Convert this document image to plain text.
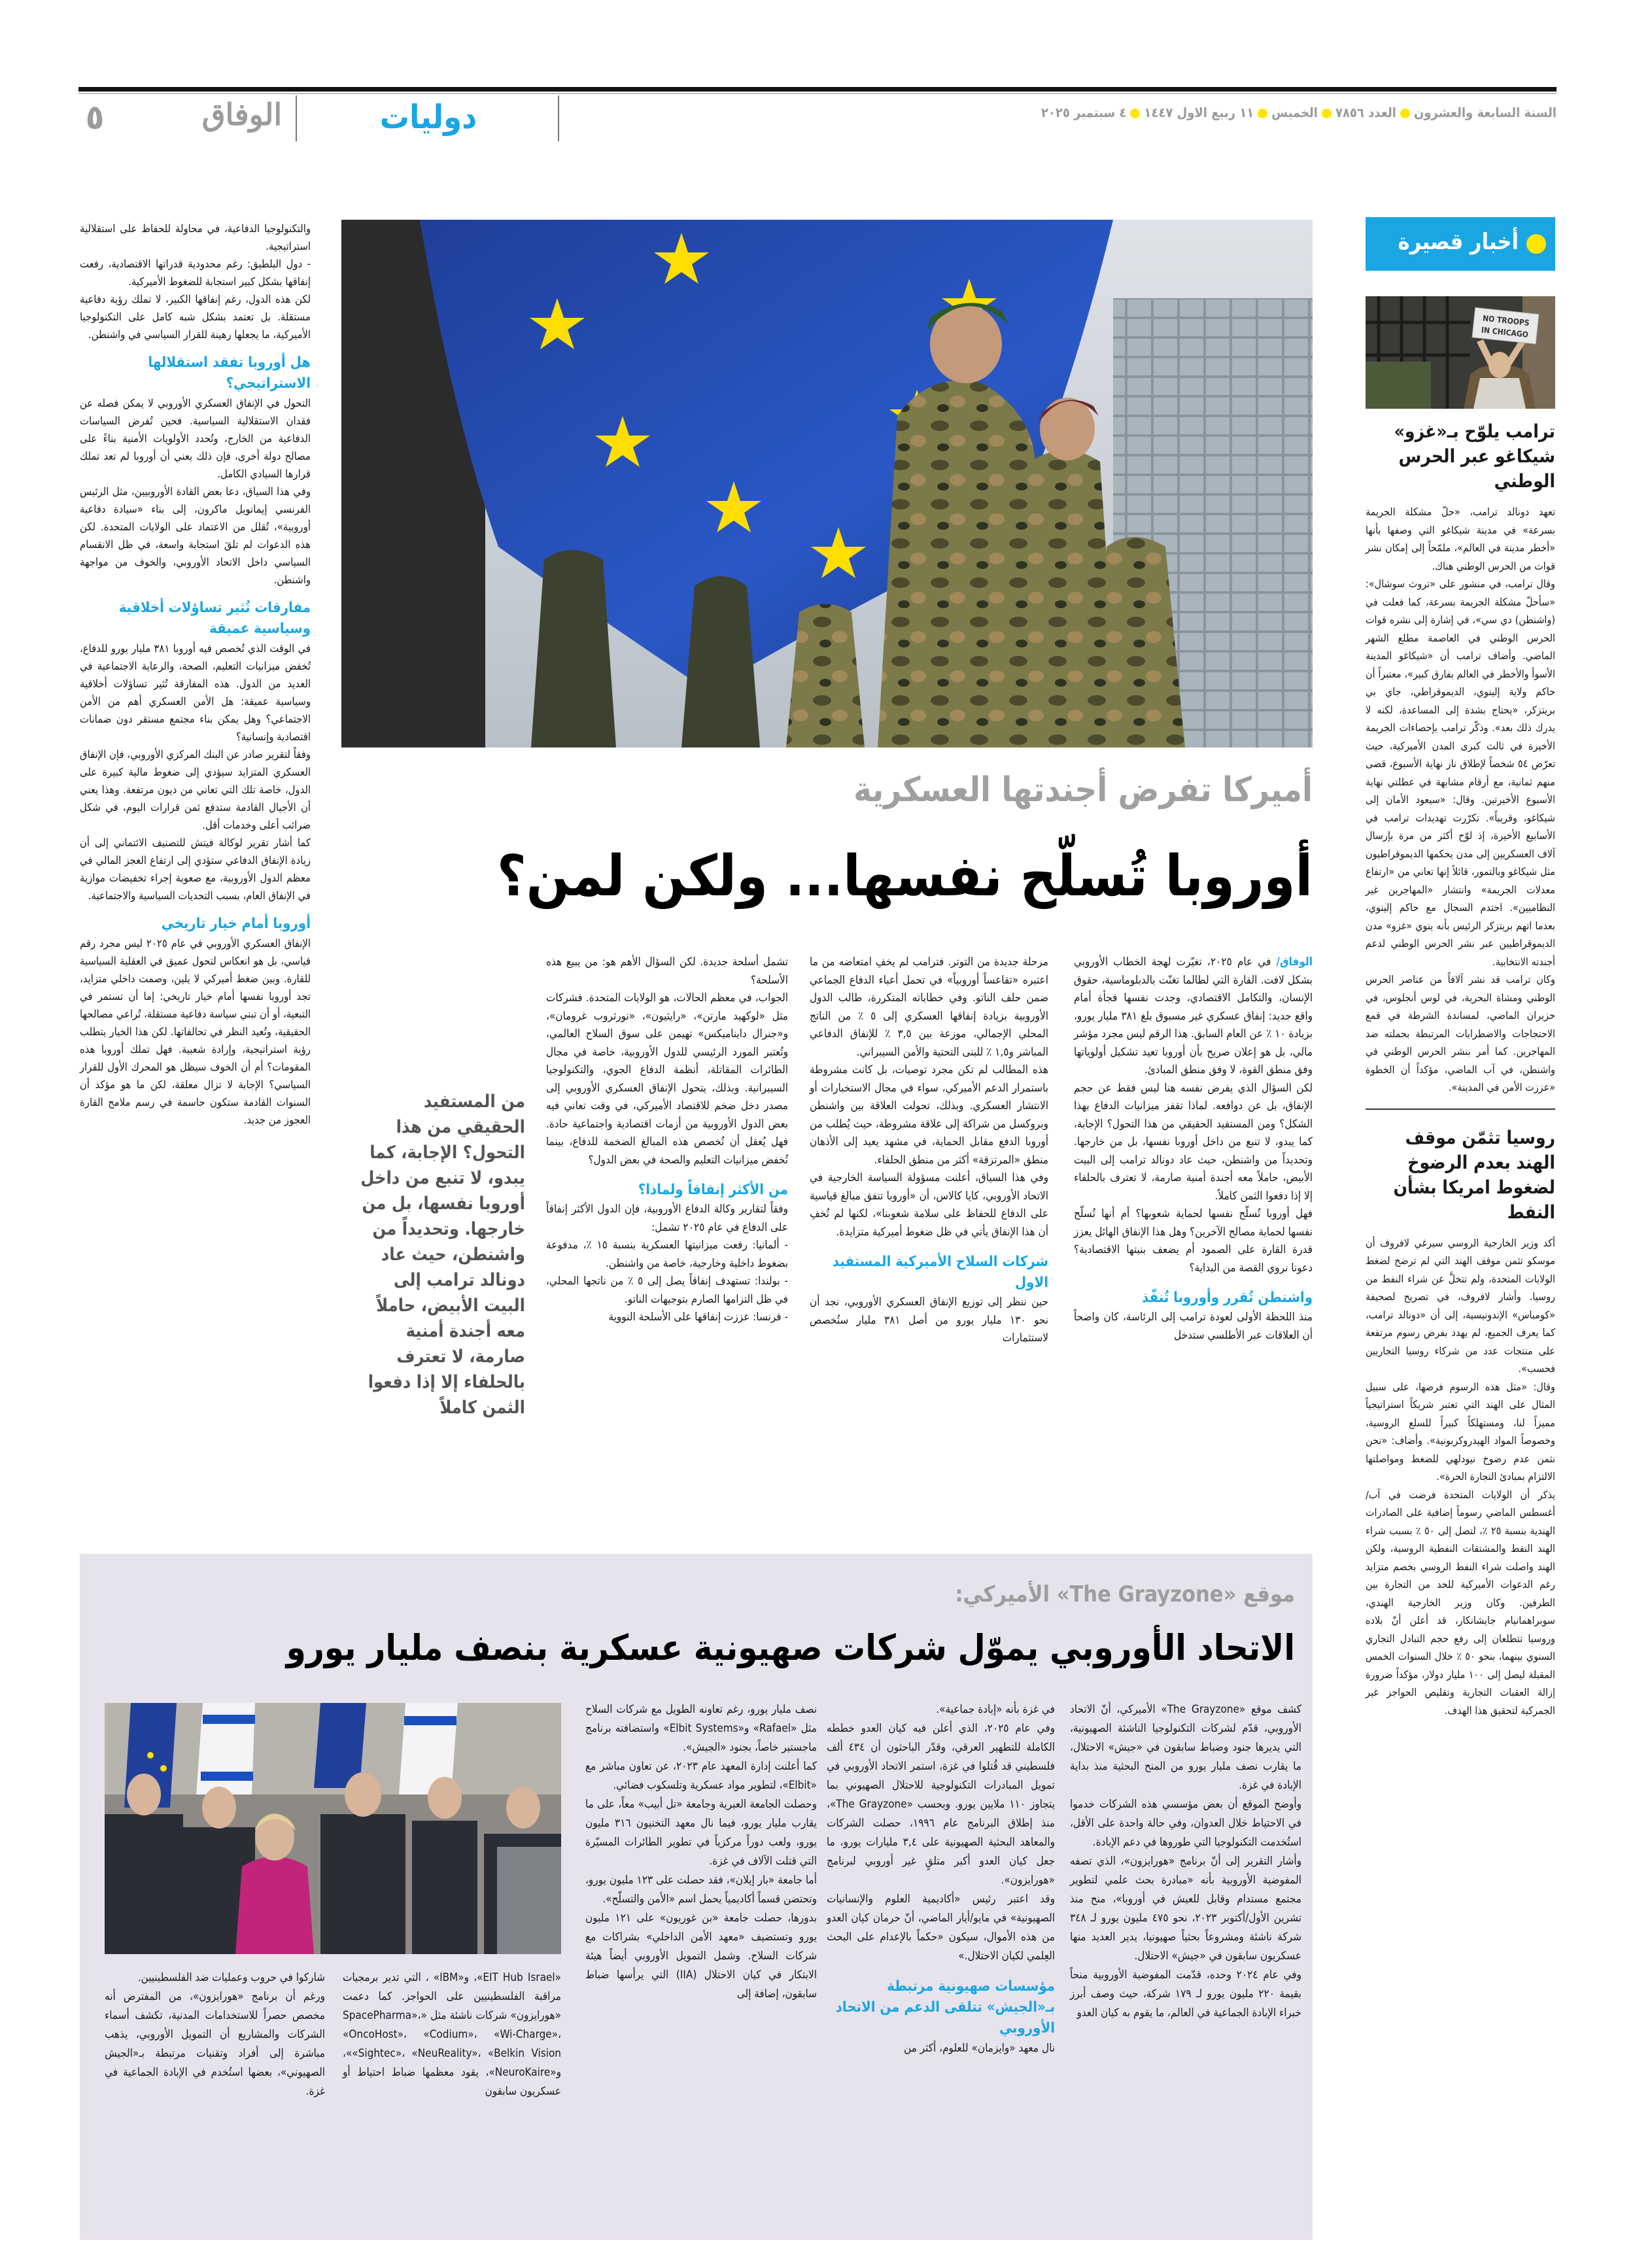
٥	الوفاق	دوليات	السنة السابعة والعشرونالعدد ٧٨٥٦الخميس١١ ربيع الاول ١٤٤٧٤ سبتمبر ٢٠٢٥
أخبار قصيرة
NO TROOPS
IN CHICAGO
ترامب يلوّح بـ«غزو» شيكاغو عبر الحرس الوطني

تعهد دونالد ترامب، «حلّ مشكلة الجريمة بسرعة» في مدينة شيكاغو التي وصفها بأنها «أخطر مدينة في العالم»، ملمّحاً إلى إمكان نشر قوات من الحرس الوطني هناك.

وقال ترامب، في منشور على «تروث سوشال»: «سأحلّ مشكلة الجريمة بسرعة، كما فعلت في (واشنطن) دي سي»، في إشارة إلى نشره قوات الحرس الوطني في العاصمة مطلع الشهر الماضي. وأضاف ترامب أن «شيكاغو المدينة الأسوأ والأخطر في العالم بفارق كبير»، معتبراً أن حاكم ولاية إلينوي، الديموقراطي، جاي بي بريتزكر، «يحتاج بشدة إلى المساعدة، لكنه لا يدرك ذلك بعد». وذكّر ترامب بإحصاءات الجريمة الأخيرة في ثالث كبرى المدن الأميركية، حيث تعرّض ٥٤ شخصاً لإطلاق نار نهاية الأسبوع، قضى منهم ثمانية، مع أرقام مشابهة في عطلتي نهاية الأسبوع الأخيرتين. وقال: «سيعود الأمان إلى شيكاغو، وقريباً». تكرّرت تهديدات ترامب في الأسابيع الأخيرة، إذ لوّح أكثر من مرة بإرسال آلاف العسكريين إلى مدن يحكمها الديموقراطيون مثل شيكاغو وبالتمور، قائلاً إنها تعاني من «ارتفاع معدلات الجريمة» وانتشار «المهاجرين غير النظاميين». احتدم السجال مع حاكم إلينوي، بعدما اتهم بريتزكر الرئيس بأنه ينوي «غزو» مدن الديموقراطيين عبر نشر الحرس الوطني لدعم أجندته الانتخابية.

وكان ترامب قد نشر آلافاً من عناصر الحرس الوطني ومشاة البحرية، في لوس أنجلوس، في حزيران الماضي، لمساندة الشرطة في قمع الاحتجاجات والاضطرابات المرتبطة بحملته ضد المهاجرين. كما أمر بنشر الحرس الوطني في واشنطن، في آب الماضي، مؤكداً أن الخطوة «عززت الأمن في المدينة».

روسيا تثمّن موقف الهند بعدم الرضوخ لضغوط امريكا بشأن النفط

أكد وزير الخارجية الروسي سيرغي لافروف أن موسكو تثمن موقف الهند التي لم ترضخ لضغط الولايات المتحدة، ولم تتخلَّ عن شراء النفط من روسيا. وأشار لافروف، في تصريح لصحيفة «كومباس» الإندونيسية، إلى أن «دونالد ترامب، كما يعرف الجميع، لم يهدد بفرض رسوم مرتفعة على منتجات عدد من شركاء روسيا التجاريين فحسب».

وقال: «مثل هذه الرسوم فرضها، على سبيل المثال على الهند التي تعتبر شريكاً استراتيجياً مميزاً لنا، ومستهلكاً كبيراً للسلع الروسية، وخصوصاً المواد الهيدروكربونية». وأضاف: «نحن نثمن عدم رضوخ نيودلهي للضغط ومواصلتها الالتزام بمبادئ التجارة الحرة».

يذكر أن الولايات المتحدة فرضت في آب/أغسطس الماضي رسوماً إضافية على الصادرات الهندية بنسبة ٢٥ ٪، لتصل إلى ٥٠ ٪ بسبب شراء الهند النفط والمشتقات النفطية الروسية، ولكن الهند واصلت شراء النفط الروسي بخصم متزايد رغم الدعوات الأميركية للحد من التجارة بين الطرفين. وكان وزير الخارجية الهندي، سوبراهمانيام جايشانكار، قد أعلن أنّ بلاده وروسيا تتطلعان إلى رفع حجم التبادل التجاري السنوي بينهما، بنحو ٥٠ ٪ خلال السنوات الخمس المقبلة ليصل إلى ١٠٠ مليار دولار، مؤكداً ضرورة إزالة العقبات التجارية وتقليص الحواجز غير الجمركية لتحقيق هذا الهدف.

أميركا تفرض أجندتها العسكرية
أوروبا تُسلّح نفسها... ولكن لمن؟

الوفاق/ في عام ٢٠٢٥، تغيّرت لهجة الخطاب الأوروبي بشكل لافت. القارة التي لطالما تغنّت بالدبلوماسية، حقوق الإنسان، والتكامل الاقتصادي، وجدت نفسها فجأة أمام واقع جديد: إنفاق عسكري غير مسبوق بلغ ٣٨١ مليار يورو، بزيادة ١٠ ٪ عن العام السابق. هذا الرقم ليس مجرد مؤشر مالي، بل هو إعلان صريح بأن أوروبا تعيد تشكيل أولوياتها وفق منطق القوة، لا وفق منطق المبادئ.

لكن السؤال الذي يفرض نفسه هنا ليس فقط عن حجم الإنفاق، بل عن دوافعه. لماذا تقفز ميزانيات الدفاع بهذا الشكل؟ ومن المستفيد الحقيقي من هذا التحول؟ الإجابة، كما يبدو، لا تنبع من داخل أوروبا نفسها، بل من خارجها. وتحديداً من واشنطن، حيث عاد دونالد ترامب إلى البيت الأبيض، حاملاً معه أجندة أمنية صارمة، لا تعترف بالحلفاء إلا إذا دفعوا الثمن كاملاً.

فهل أوروبا تُسلّح نفسها لحماية شعوبها؟ أم أنها تُسلّح نفسها لحماية مصالح الآخرين؟ وهل هذا الإنفاق الهائل يعزز قدرة القارة على الصمود أم يضعف بنيتها الاقتصادية؟ دعونا نروي القصة من البداية؟

واشنطن تُقرر وأوروبا تُنفّذ

منذ اللحظة الأولى لعودة ترامب إلى الرئاسة، كان واضحاً أن العلاقات عبر الأطلسي ستدخل

مرحلة جديدة من التوتر. فترامب لم يخفِ امتعاضه من ما اعتبره «تقاعساً أوروبياً» في تحمل أعباء الدفاع الجماعي ضمن حلف الناتو. وفي خطاباته المتكررة، طالب الدول الأوروبية بزيادة إنفاقها العسكري إلى ٥ ٪ من الناتج المحلي الإجمالي، موزعة بين ٣,٥ ٪ للإنفاق الدفاعي المباشر و١,٥ ٪ للبنى التحتية والأمن السيبراني.

هذه المطالب لم تكن مجرد توصيات، بل كانت مشروطة باستمرار الدعم الأميركي، سواء في مجال الاستخبارات أو الانتشار العسكري. وبذلك، تحولت العلاقة بين واشنطن وبروكسل من شراكة إلى علاقة مشروطة، حيث يُطلب من أوروبا الدفع مقابل الحماية، في مشهد يعيد إلى الأذهان منطق «المرتزقة» أكثر من منطق الحلفاء.

وفي هذا السياق، أعلنت مسؤولة السياسة الخارجية في الاتحاد الأوروبي، كايا كالاس، أن «أوروبا تنفق مبالغ قياسية على الدفاع للحفاظ على سلامة شعوبنا»، لكنها لم تُخفِ أن هذا الإنفاق يأتي في ظل ضغوط أميركية متزايدة.

شركات السلاح الأميركية المستفيد الاول

حين ننظر إلى توزيع الإنفاق العسكري الأوروبي، نجد أن نحو ١٣٠ مليار يورو من أصل ٣٨١ مليار ستُخصص لاستثمارات

تشمل أسلحة جديدة. لكن السؤال الأهم هو: من يبيع هذه الأسلحة؟

الجواب، في معظم الحالات، هو الولايات المتحدة. فشركات مثل «لوكهيد مارتن»، «رايثيون»، «نورثروب غرومان»، و«جنرال دايناميكس» تهيمن على سوق السلاح العالمي، وتُعتبر المورد الرئيسي للدول الأوروبية، خاصة في مجال الطائرات المقاتلة، أنظمة الدفاع الجوي، والتكنولوجيا السيبرانية. وبذلك، يتحول الإنفاق العسكري الأوروبي إلى مصدر دخل ضخم للاقتصاد الأميركي، في وقت تعاني فيه بعض الدول الأوروبية من أزمات اقتصادية واجتماعية حادة. فهل يُعقل أن تُخصص هذه المبالغ الضخمة للدفاع، بينما تُخفض ميزانيات التعليم والصحة في بعض الدول؟

من الأكثر إنفاقاً ولماذا؟

وفقاً لتقارير وكالة الدفاع الأوروبية، فإن الدول الأكثر إنفاقاً على الدفاع في عام ٢٠٢٥ تشمل:

- ألمانيا: رفعت ميزانيتها العسكرية بنسبة ١٥ ٪، مدفوعة بضغوط داخلية وخارجية، خاصة من واشنطن.

- بولندا: تستهدف إنفاقاً يصل إلى ٥ ٪ من ناتجها المحلي، في ظل التزامها الصارم بتوجيهات الناتو.

- فرنسا: عززت إنفاقها على الأسلحة النووية

من المستفيد الحقيقي من هذا التحول؟ الإجابة، كما يبدو، لا تنبع من داخل أوروبا نفسها، بل من خارجها. وتحديداً من واشنطن، حيث عاد دونالد ترامب إلى البيت الأبيض، حاملاً معه أجندة أمنية صارمة، لا تعترف بالحلفاء إلا إذا دفعوا الثمن كاملاً

والتكنولوجيا الدفاعية، في محاولة للحفاظ على استقلالية استراتيجية.

- دول البلطيق: رغم محدودية قدراتها الاقتصادية، رفعت إنفاقها بشكل كبير استجابة للضغوط الأميركية.

لكن هذه الدول، رغم إنفاقها الكبير، لا تملك رؤية دفاعية مستقلة. بل تعتمد بشكل شبه كامل على التكنولوجيا الأميركية، ما يجعلها رهينة للقرار السياسي في واشنطن.

هل أوروبا تفقد استقلالها الاستراتيجي؟

التحول في الإنفاق العسكري الأوروبي لا يمكن فصله عن فقدان الاستقلالية السياسية. فحين تُفرض السياسات الدفاعية من الخارج، وتُحدد الأولويات الأمنية بناءً على مصالح دولة أخرى، فإن ذلك يعني أن أوروبا لم تعد تملك قرارها السيادي الكامل.

وفي هذا السياق، دعا بعض القادة الأوروبيين، مثل الرئيس الفرنسي إيمانويل ماكرون، إلى بناء «سيادة دفاعية أوروبية»، تُقلل من الاعتماد على الولايات المتحدة. لكن هذه الدعوات لم تلقَ استجابة واسعة، في ظل الانقسام السياسي داخل الاتحاد الأوروبي، والخوف من مواجهة واشنطن.

مفارقات تُثير تساؤلات أخلاقية وسياسية عميقة

في الوقت الذي تُخصص فيه أوروبا ٣٨١ مليار يورو للدفاع، تُخفض ميزانيات التعليم، الصحة، والرعاية الاجتماعية في العديد من الدول. هذه المفارقة تُثير تساؤلات أخلاقية وسياسية عميقة: هل الأمن العسكري أهم من الأمن الاجتماعي؟ وهل يمكن بناء مجتمع مستقر دون ضمانات اقتصادية وإنسانية؟

وفقاً لتقرير صادر عن البنك المركزي الأوروبي، فإن الإنفاق العسكري المتزايد سيؤدي إلى ضغوط مالية كبيرة على الدول، خاصة تلك التي تعاني من ديون مرتفعة. وهذا يعني أن الأجيال القادمة ستدفع ثمن قرارات اليوم، في شكل ضرائب أعلى وخدمات أقل.

كما أشار تقرير لوكالة فيتش للتصنيف الائتماني إلى أن زيادة الإنفاق الدفاعي ستؤدي إلى ارتفاع العجز المالي في معظم الدول الأوروبية، مع صعوبة إجراء تخفيضات موازية في الإنفاق العام، بسبب التحديات السياسية والاجتماعية.

أوروبا أمام خيار تاريخي

الإنفاق العسكري الأوروبي في عام ٢٠٢٥ ليس مجرد رقم قياسي، بل هو انعكاس لتحول عميق في العقلية السياسية للقارة. وبين ضغط أميركي لا يلين، وصمت داخلي متزايد، تجد أوروبا نفسها أمام خيار تاريخي: إما أن تستمر في التبعية، أو أن تبني سياسة دفاعية مستقلة، تُراعي مصالحها الحقيقية، وتُعيد النظر في تحالفاتها. لكن هذا الخيار يتطلب رؤية استراتيجية، وإرادة شعبية. فهل تملك أوروبا هذه المقومات؟ أم أن الخوف سيظل هو المحرك الأول للقرار السياسي؟ الإجابة لا تزال معلقة، لكن ما هو مؤكد أن السنوات القادمة ستكون حاسمة في رسم ملامح القارة العجوز من جديد.

موقع «The Grayzone» الأميركي:
الاتحاد الأوروبي يموّل شركات صهيونية عسكرية بنصف مليار يورو

كشف موقع «The Grayzone» الأميركي، أنّ الاتحاد الأوروبي، قدّم لشركات التكنولوجيا الناشئة الصهيونية، التي يديرها جنود وضباط سابقون في «جيش» الاحتلال، ما يقارب نصف مليار يورو من المنح البحثية منذ بداية الإبادة في غزة.

وأوضح الموقع أن بعض مؤسسي هذه الشركات خدموا في الاحتياط خلال العدوان، وفي حالة واحدة على الأقل، استُخدمت التكنولوجيا التي طوروها في دعم الإبادة.

وأشار التقرير إلى أنّ برنامج «هورايزون»، الذي تصفه المفوضية الأوروبية بأنه «مبادرة بحث علمي لتطوير مجتمع مستدام وقابل للعيش في أوروبا»، منح منذ تشرين الأول/أكتوبر ٢٠٢٣، نحو ٤٧٥ مليون يورو لـ ٣٤٨ شركة ناشئة ومشروعاً بحثياً صهيونيا، يدير العديد منها عسكريون سابقون في «جيش» الاحتلال.

وفي عام ٢٠٢٤ وحده، قدّمت المفوضية الأوروبية منحاً بقيمة ٢٢٠ مليون يورو لـ ١٧٩ شركة، حيث وصف أبرز خبراء الإبادة الجماعية في العالم، ما يقوم به كيان العدو

في غزة بأنه «إبادة جماعية».

وفي عام ٢٠٢٥، الذي أعلن فيه كيان العدو خططه الكاملة للتطهير العرقي، وقدّر الباحثون أن ٤٣٤ ألف فلسطيني قد قُتلوا في غزة، استمر الاتحاد الأوروبي في تمويل المبادرات التكنولوجية للاحتلال الصهيوني بما يتجاوز ١١٠ ملايين يورو. وبحسب «The Grayzone»، منذ إطلاق البرنامج عام ١٩٩٦، حصلت الشركات والمعاهد البحثية الصهيونية على ٣,٤ مليارات يورو، ما جعل كيان العدو أكبر متلقٍ غير أوروبي لبرنامج «هورايزون».

وقد اعتبر رئيس «أكاديمية العلوم والإنسانيات الصهيونية» في مايو/أيار الماضي، أنّ حرمان كيان العدو من هذه الأموال، سيكون «حكماً بالإعدام على البحث العِلمي لكيان الاحتلال.»

مؤسسات صهيونية مرتبطة بـ«الجيش» تتلقى الدعم من الاتحاد الأوروبي

نال معهد «وايزمان» للعلوم، أكثر من

نصف مليار يورو، رغم تعاونه الطويل مع شركات السلاح مثل «Rafael» و«Elbit Systems» واستضافته برنامج ماجستير خاصاً، بجنود «الجيش».

كما أعلنت إدارة المعهد عام ٢٠٢٣، عن تعاون مباشر مع «Elbit»، لتطوير مواد عسكرية وتلسكوب فضائي.

وحصلت الجامعة العبرية وجامعة «تل أبيب» معاً، على ما يقارب مليار يورو، فيما نال معهد التخنيون ٣١٦ مليون يورو، ولعب دوراً مركزياً في تطوير الطائرات المسيّرة التي قتلت الآلاف في غزة.

أما جامعة «بار إيلان»، فقد حصلت على ١٢٣ مليون يورو، وتحتضن قسماً أكاديمياً يحمل اسم «الأمن والتسلّح».

بدورها، حصلت جامعة «بن غوريون» على ١٢١ مليون يورو وتستضيف «معهد الأمن الداخلي» بشراكات مع شركات السلاح. وشمل التمويل الأوروبي أيضاً هيئة الابتكار في كيان الاحتلال (IIA) التي يرأسها ضباط سابقون، إضافة إلى

«EIT Hub Israel»، و«IBM» ، التي تدير برمجيات مراقبة الفلسطينيين على الحواجز. كما دعمت «هورايزون» شركات ناشئة مثل «SpacePharma»، «OncoHost»، «Codium»، «Wi-Charge»، «Sightec»، «NeuReality»، «Belkin Vision»، و«NeuroKaire»، يقود معظمها ضباط احتياط أو عسكريون سابقون

شاركوا في حروب وعمليات ضد الفلسطينيين.

ورغم أن برنامج «هورايزون»، من المفترض أنه مخصص حصراً للاستخدامات المدنية، تكشف أسماء الشركات والمشاريع أن التمويل الأوروبي، يذهب مباشرة إلى أفراد وتقنيات مرتبطة بـ«الجيش الصهيوني»، بعضها استُخدم في الإبادة الجماعية في غزة.
